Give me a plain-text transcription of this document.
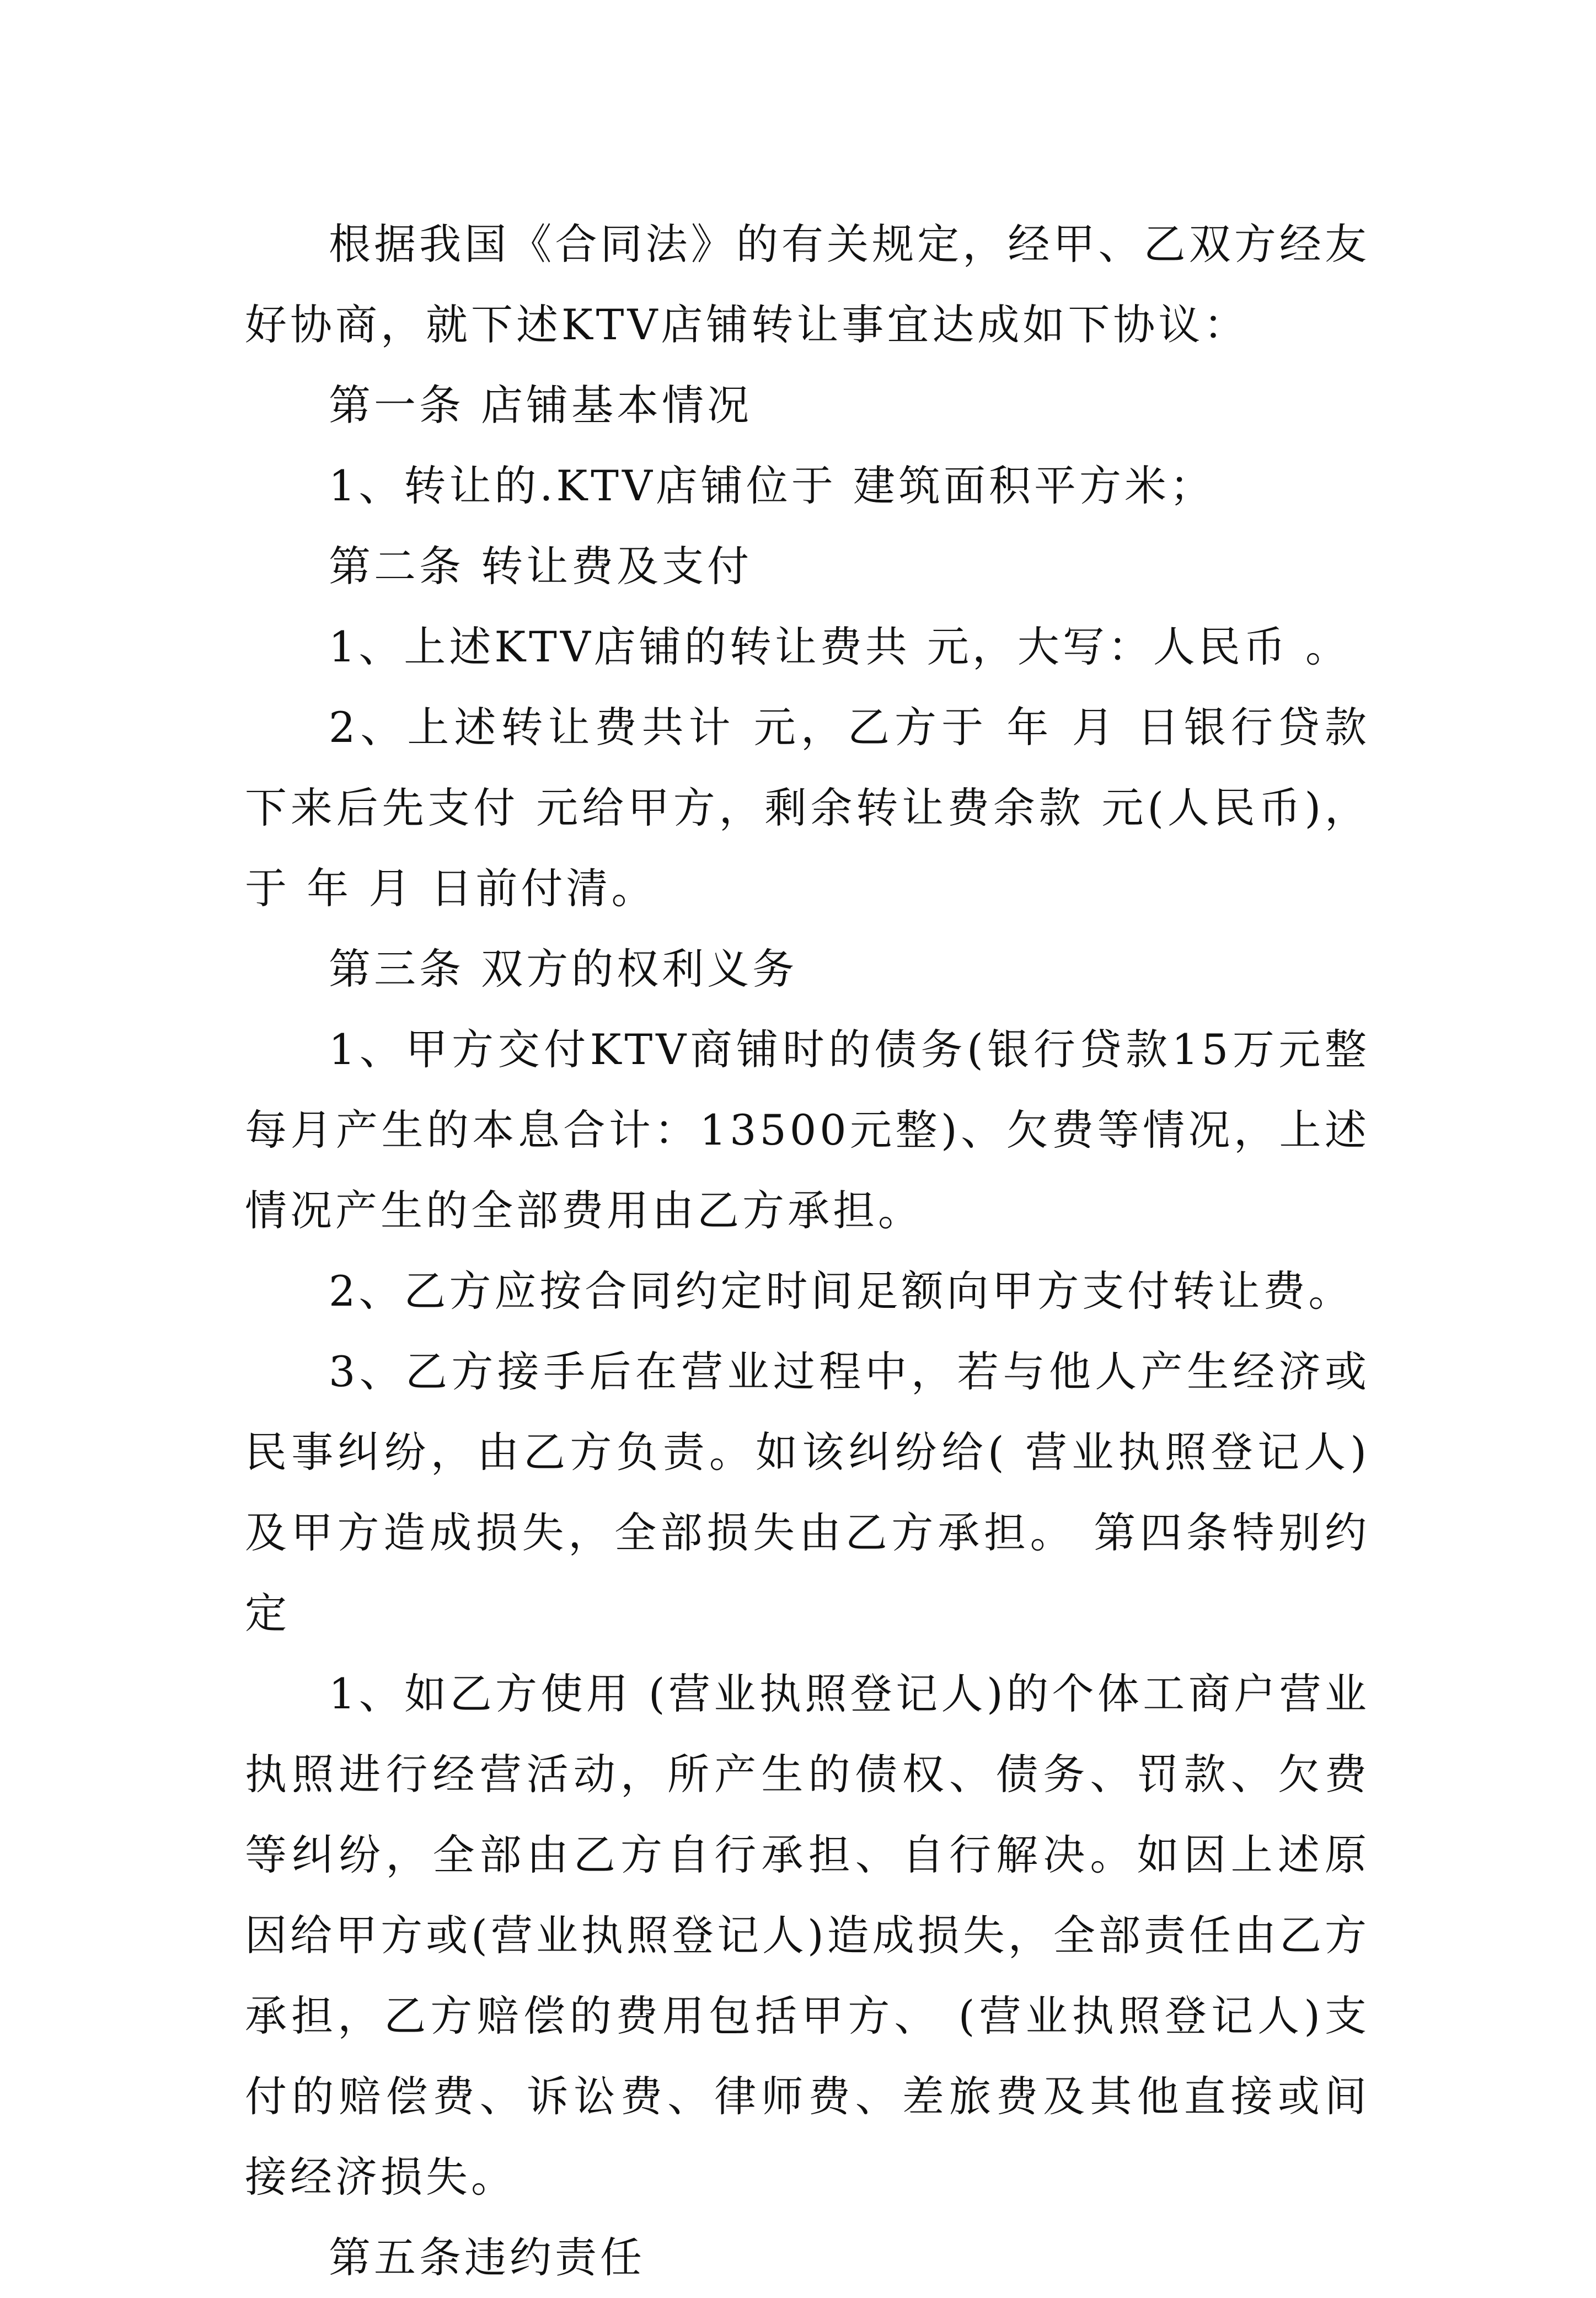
根据我国《合同法》的有关规定，经甲、乙双方经友好协商，就下述KTV店铺转让事宜达成如下协议：

第一条 店铺基本情况

1、转让的.KTV店铺位于 建筑面积平方米；

第二条 转让费及支付

1、上述KTV店铺的转让费共 元，大写：人民币 。

2、上述转让费共计 元，乙方于 年 月 日银行贷款下来后先支付 元给甲方，剩余转让费余款 元(人民币)，于 年 月 日前付清。

第三条 双方的权利义务

1、甲方交付KTV商铺时的债务(银行贷款15万元整每月产生的本息合计：13500元整)、欠费等情况，上述情况产生的全部费用由乙方承担。

2、乙方应按合同约定时间足额向甲方支付转让费。

3、乙方接手后在营业过程中，若与他人产生经济或民事纠纷，由乙方负责。如该纠纷给( 营业执照登记人)及甲方造成损失，全部损失由乙方承担。 第四条特别约定

1、如乙方使用 (营业执照登记人)的个体工商户营业执照进行经营活动，所产生的债权、债务、罚款、欠费等纠纷，全部由乙方自行承担、自行解决。如因上述原因给甲方或(营业执照登记人)造成损失，全部责任由乙方承担，乙方赔偿的费用包括甲方、 (营业执照登记人)支付的赔偿费、诉讼费、律师费、差旅费及其他直接或间接经济损失。

第五条违约责任
